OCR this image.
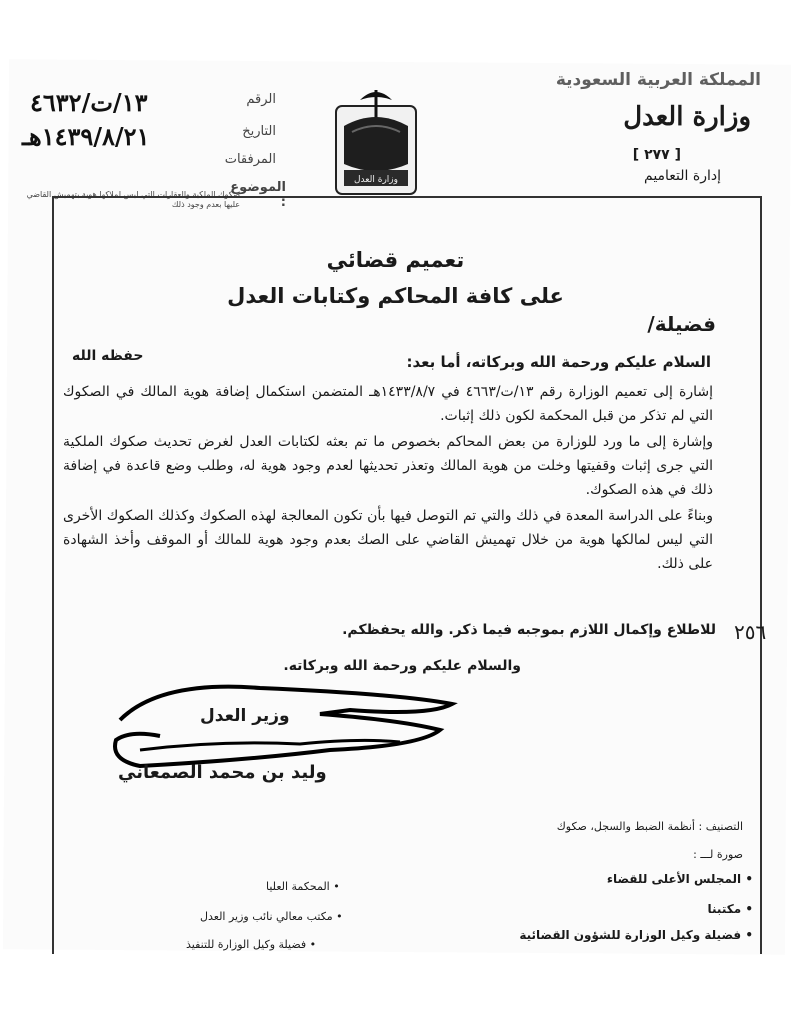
المملكة العربية السعودية
وزارة العدل
[ ٢٧٧ ]
إدارة التعاميم
وزارة العدل
الرقم
١٣/ت/٤٦٣٢
التاريخ
١٤٣٩/٨/٢١هـ
المرفقات
الموضوع :
صكوك الملكية والعقارات التي ليس لملاكها هوية بتهميش القاضي عليها بعدم وجود ذلك
تعميم قضائي
على كافة المحاكم وكتابات العدل
فضيلة/
حفظه الله	السلام عليكم ورحمة الله وبركاته، أما بعد:

إشارة إلى تعميم الوزارة رقم ١٣/ت/٤٦٦٣ في ١٤٣٣/٨/٧هـ المتضمن استكمال إضافة هوية المالك في الصكوك التي لم تذكر من قبل المحكمة لكون ذلك إثبات.

وإشارة إلى ما ورد للوزارة من بعض المحاكم بخصوص ما تم بعثه لكتابات العدل لغرض تحديث صكوك الملكية التي جرى إثبات وقفيتها وخلت من هوية المالك وتعذر تحديثها لعدم وجود هوية له، وطلب وضع قاعدة في إضافة ذلك في هذه الصكوك.

وبناءً على الدراسة المعدة في ذلك والتي تم التوصل فيها بأن تكون المعالجة لهذه الصكوك وكذلك الصكوك الأخرى التي ليس لمالكها هوية من خلال تهميش القاضي على الصك بعدم وجود هوية للمالك أو الموقف وأخذ الشهادة على ذلك.

للاطلاع وإكمال اللازم بموجبه فيما ذكر. والله يحفظكم. ٢٥٦
والسلام عليكم ورحمة الله وبركاته.
وزير العدل
وليد بن محمد الصمعاني
التصنيف : أنظمة الضبط والسجل، صكوك
صورة لـــ :
• المجلس الأعلى للقضاء
• مكتبنا
• فضيلة وكيل الوزارة للشؤون القضائية
• المحكمة العليا
• مكتب معالي نائب وزير العدل
• فضيلة وكيل الوزارة للتنفيذ
